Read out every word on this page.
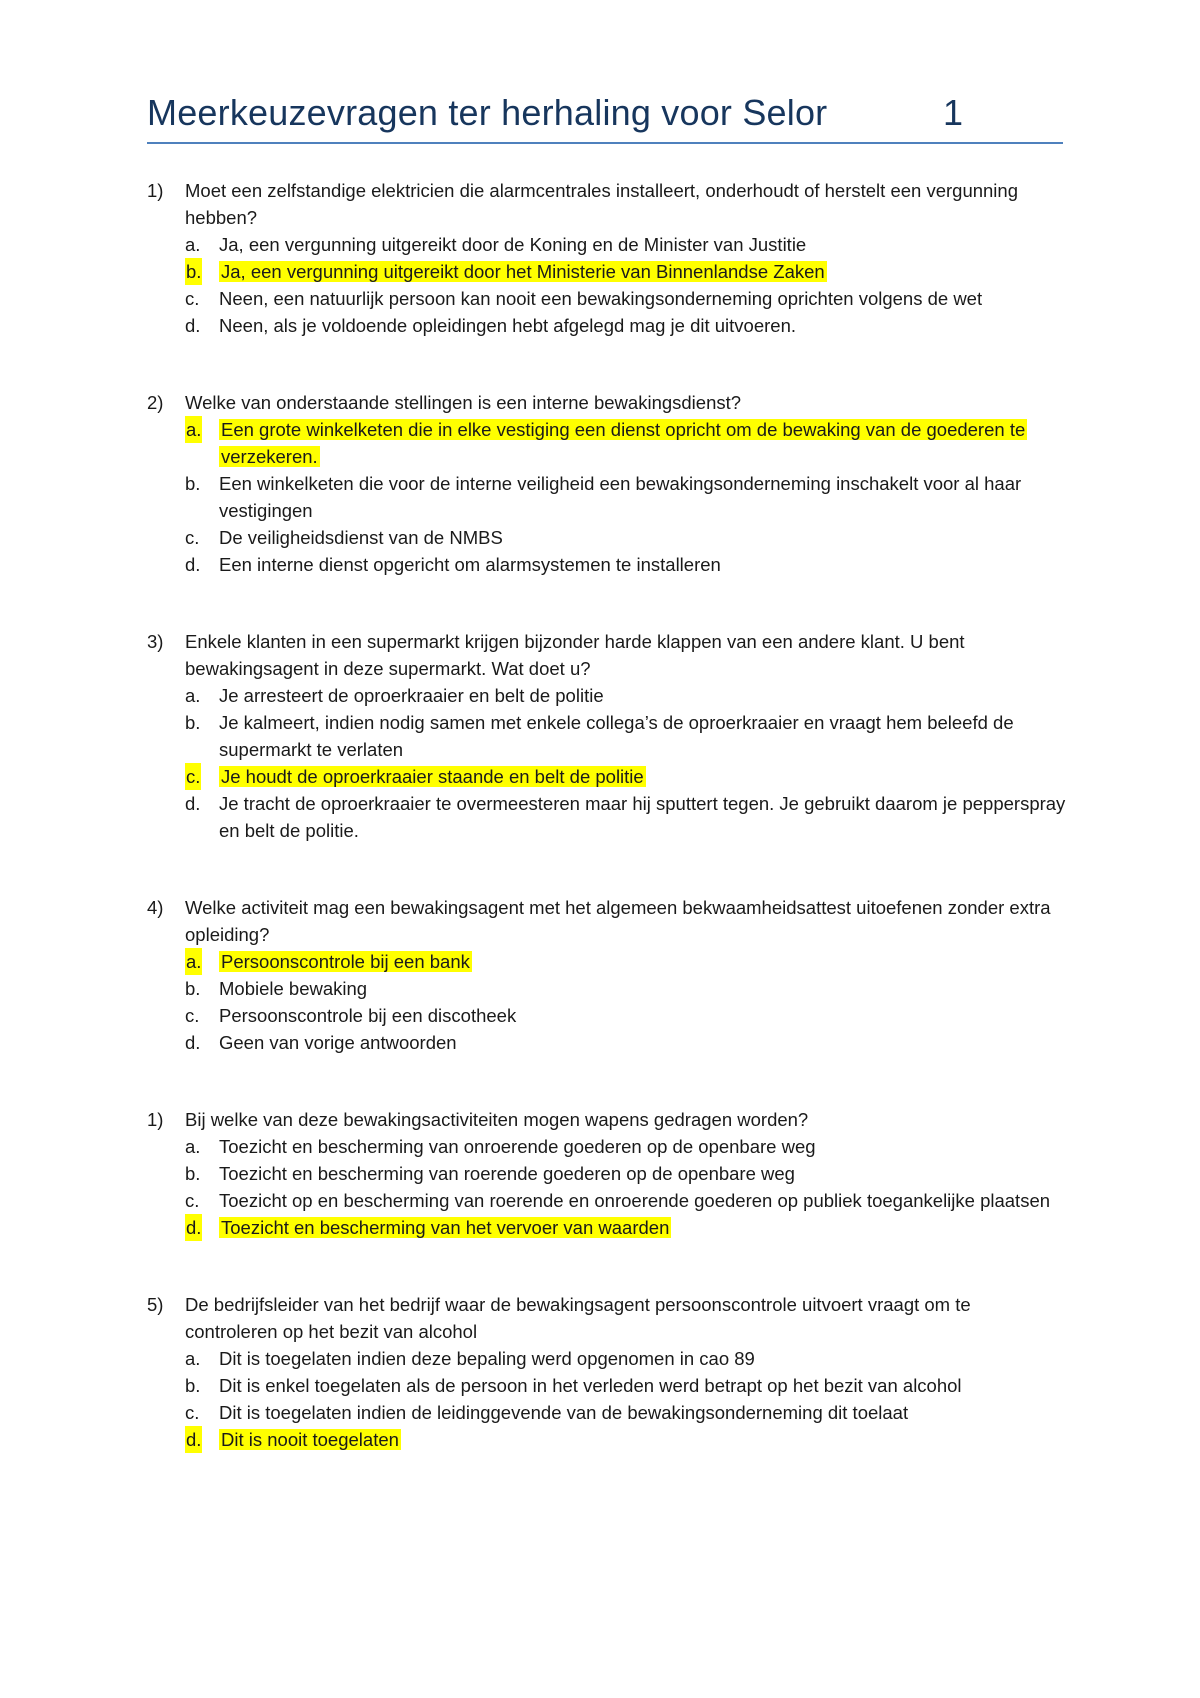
Meerkeuzevragen ter herhaling voor Selor	1
1) Moet een zelfstandige elektricien die alarmcentrales installeert, onderhoudt of herstelt een vergunning hebben?
a. Ja, een vergunning uitgereikt door de Koning en de Minister van Justitie
b. Ja, een vergunning uitgereikt door het Ministerie van Binnenlandse Zaken
c. Neen, een natuurlijk persoon kan nooit een bewakingsonderneming oprichten volgens de wet
d. Neen, als je voldoende opleidingen hebt afgelegd mag je dit uitvoeren.
2) Welke van onderstaande stellingen is een interne bewakingsdienst?
a. Een grote winkelketen die in elke vestiging een dienst opricht om de bewaking van de goederen te verzekeren.
b. Een winkelketen die voor de interne veiligheid een bewakingsonderneming inschakelt voor al haar vestigingen
c. De veiligheidsdienst van de NMBS
d. Een interne dienst opgericht om alarmsystemen te installeren
3) Enkele klanten in een supermarkt krijgen bijzonder harde klappen van een andere klant. U bent bewakingsagent in deze supermarkt. Wat doet u?
a. Je arresteert de oproerkraaier en belt de politie
b. Je kalmeert, indien nodig samen met enkele collega’s de oproerkraaier en vraagt hem beleefd de supermarkt te verlaten
c. Je houdt de oproerkraaier staande en belt de politie
d. Je tracht de oproerkraaier te overmeesteren maar hij sputtert tegen. Je gebruikt daarom je pepperspray en belt de politie.
4) Welke activiteit mag een bewakingsagent met het algemeen bekwaamheidsattest uitoefenen zonder extra opleiding?
a. Persoonscontrole bij een bank
b. Mobiele bewaking
c. Persoonscontrole bij een discotheek
d. Geen van vorige antwoorden
1) Bij welke van deze bewakingsactiviteiten mogen wapens gedragen worden?
a. Toezicht en bescherming van onroerende goederen op de openbare weg
b. Toezicht en bescherming van roerende goederen op de openbare weg
c. Toezicht op en bescherming van roerende en onroerende goederen op publiek toegankelijke plaatsen
d. Toezicht en bescherming van het vervoer van waarden
5) De bedrijfsleider van het bedrijf waar de bewakingsagent persoonscontrole uitvoert vraagt om te controleren op het bezit van alcohol
a. Dit is toegelaten indien deze bepaling werd opgenomen in cao 89
b. Dit is enkel toegelaten als de persoon in het verleden werd betrapt op het bezit van alcohol
c. Dit is toegelaten indien de leidinggevende van de bewakingsonderneming dit toelaat
d. Dit is nooit toegelaten
